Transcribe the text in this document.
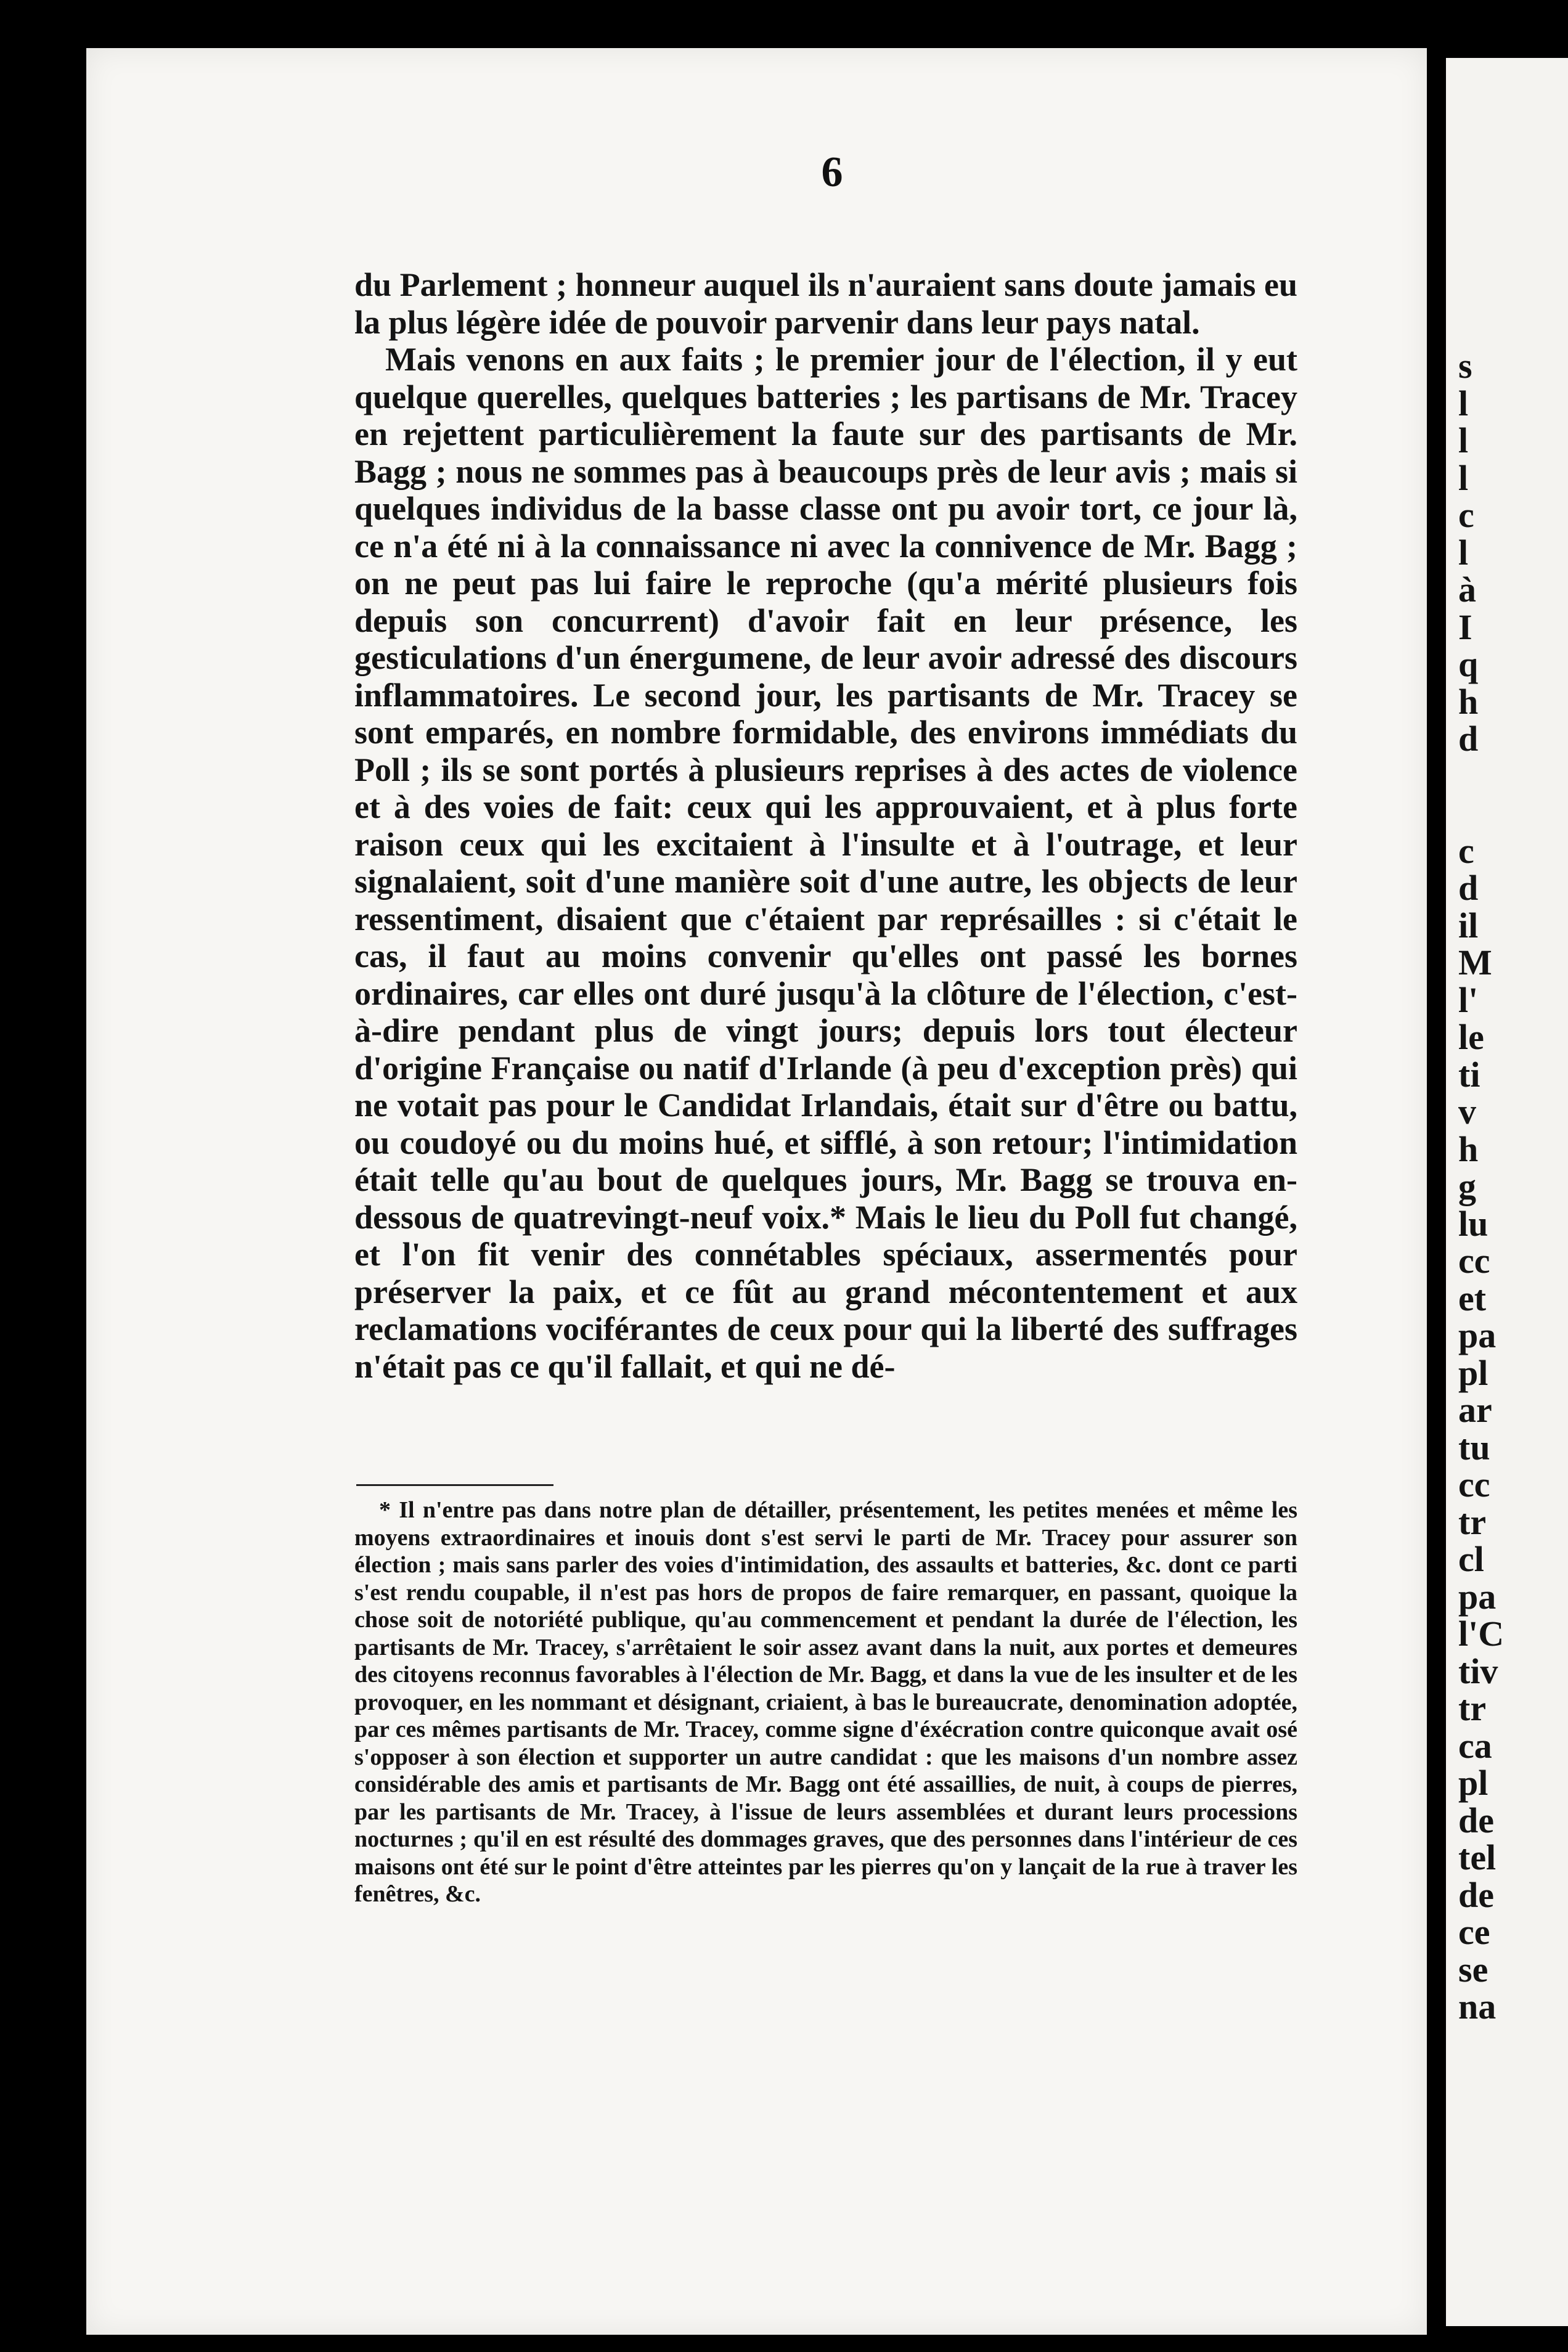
6

du Parlement ; honneur auquel ils n'auraient sans doute jamais eu la plus légère idée de pouvoir parvenir dans leur pays natal.

Mais venons en aux faits ; le premier jour de l'élection, il y eut quelque querelles, quelques batteries ; les partisans de Mr. Tracey en rejettent particulièrement la faute sur des partisants de Mr. Bagg ; nous ne sommes pas à beaucoups près de leur avis ; mais si quelques individus de la basse classe ont pu avoir tort, ce jour là, ce n'a été ni à la connaissance ni avec la connivence de Mr. Bagg ; on ne peut pas lui faire le reproche (qu'a mérité plusieurs fois depuis son concurrent) d'avoir fait en leur présence, les gesticulations d'un énergumene, de leur avoir adressé des discours inflammatoires. Le second jour, les partisants de Mr. Tracey se sont emparés, en nombre formidable, des environs immédiats du Poll ; ils se sont portés à plusieurs reprises à des actes de violence et à des voies de fait: ceux qui les approuvaient, et à plus forte raison ceux qui les excitaient à l'insulte et à l'outrage, et leur signalaient, soit d'une manière soit d'une autre, les objects de leur ressentiment, disaient que c'étaient par représailles : si c'était le cas, il faut au moins convenir qu'elles ont passé les bornes ordinaires, car elles ont duré jusqu'à la clôture de l'élection, c'est-à-dire pendant plus de vingt jours; depuis lors tout électeur d'origine Française ou natif d'Irlande (à peu d'exception près) qui ne votait pas pour le Candidat Irlandais, était sur d'être ou battu, ou coudoyé ou du moins hué, et sifflé, à son retour; l'intimidation était telle qu'au bout de quelques jours, Mr. Bagg se trouva en-dessous de quatrevingt-neuf voix.* Mais le lieu du Poll fut changé, et l'on fit venir des connétables spéciaux, assermentés pour préserver la paix, et ce fût au grand mécontentement et aux reclamations vociférantes de ceux pour qui la liberté des suffrages n'était pas ce qu'il fallait, et qui ne dé-

* Il n'entre pas dans notre plan de détailler, présentement, les petites menées et même les moyens extraordinaires et inouis dont s'est servi le parti de Mr. Tracey pour assurer son élection ; mais sans parler des voies d'intimidation, des assaults et batteries, &c. dont ce parti s'est rendu coupable, il n'est pas hors de propos de faire remarquer, en passant, quoique la chose soit de notoriété publique, qu'au commencement et pendant la durée de l'élection, les partisants de Mr. Tracey, s'arrêtaient le soir assez avant dans la nuit, aux portes et demeures des citoyens reconnus favorables à l'élection de Mr. Bagg, et dans la vue de les insulter et de les provoquer, en les nommant et désignant, criaient, à bas le bureaucrate, denomination adoptée, par ces mêmes partisants de Mr. Tracey, comme signe d'éxécration contre quiconque avait osé s'opposer à son élection et supporter un autre candidat : que les maisons d'un nombre assez considérable des amis et partisants de Mr. Bagg ont été assaillies, de nuit, à coups de pierres, par les partisants de Mr. Tracey, à l'issue de leurs assemblées et durant leurs processions nocturnes ; qu'il en est résulté des dommages graves, que des personnes dans l'intérieur de ces maisons ont été sur le point d'être atteintes par les pierres qu'on y lançait de la rue à traver les fenêtres, &c.

s
l
l
l
c
l
à
I
q
h
d
c
d
il
M
l'
le
ti
v
h
g
lu
cc
et
pa
pl
ar
tu
cc
tr
cl
pa
l'C
tiv
tr
ca
pl
de
tel
de
ce
se
na
